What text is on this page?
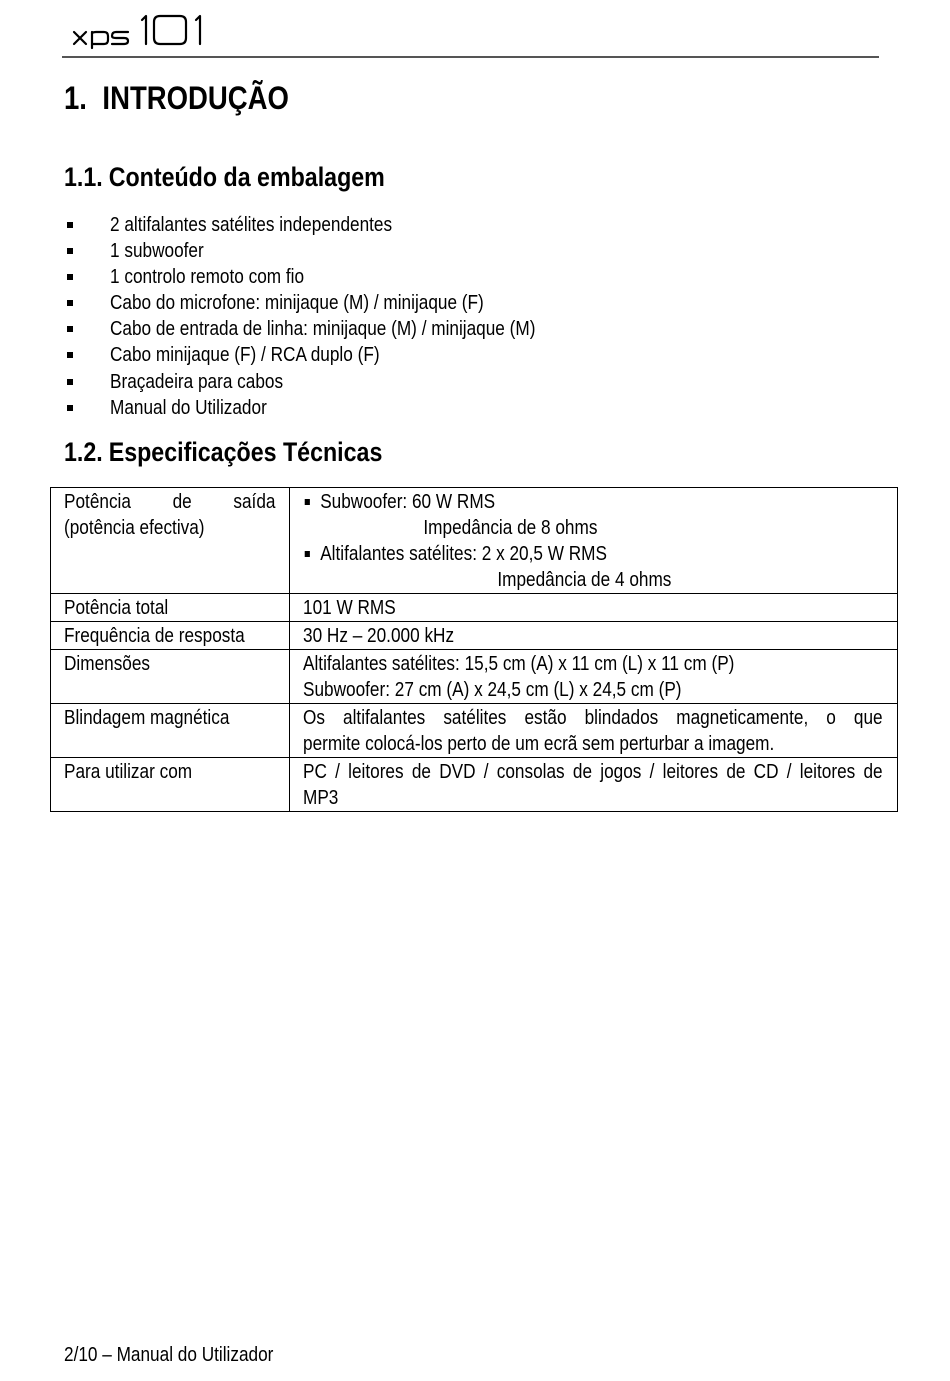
1. INTRODUÇÃO
1.1. Conteúdo da embalagem
2 altifalantes satélites independentes
1 subwoofer
1 controlo remoto com fio
Cabo do microfone: minijaque (M) / minijaque (F)
Cabo de entrada de linha: minijaque (M) / minijaque (M)
Cabo minijaque (F) / RCA duplo (F)
Braçadeira para cabos
Manual do Utilizador
1.2. Especificações Técnicas
Potência de saída
(potência efectiva)	Subwoofer: 60 W RMS
Impedância de 8 ohms
Altifalantes satélites: 2 x 20,5 W RMS
Impedância de 4 ohms

Potência total	101 W RMS

Frequência de resposta	30 Hz – 20.000 kHz

Dimensões	Altifalantes satélites: 15,5 cm (A) x 11 cm (L) x 11 cm (P)
Subwoofer: 27 cm (A) x 24,5 cm (L) x 24,5 cm (P)

Blindagem magnética	Os altifalantes satélites estão blindados magneticamente, o que
permite colocá-los perto de um ecrã sem perturbar a imagem.

Para utilizar com	PC / leitores de DVD / consolas de jogos / leitores de CD / leitores de
MP3
2/10 – Manual do Utilizador
